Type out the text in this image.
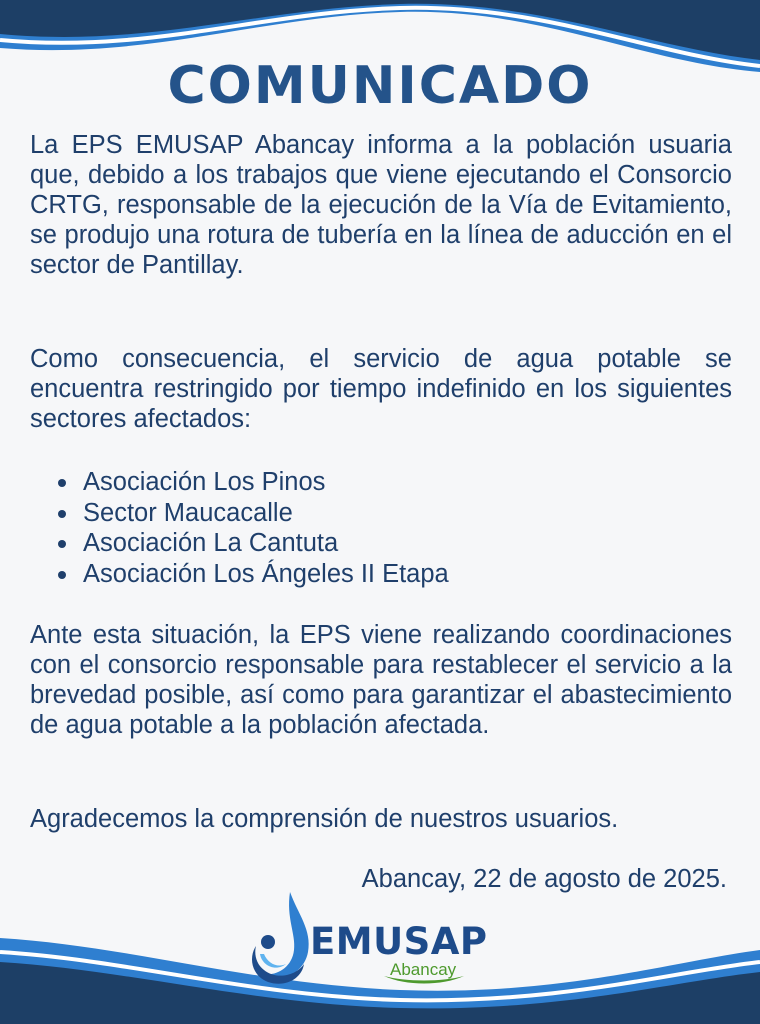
COMUNICADO

La EPS EMUSAP Abancay informa a la población usuaria que, debido a los trabajos que viene ejecutando el Consorcio CRTG, responsable de la ejecución de la Vía de Evitamiento, se produjo una rotura de tubería en la línea de aducción en el sector de Pantillay.

Como consecuencia, el servicio de agua potable se encuentra restringido por tiempo indefinido en los siguientes sectores afectados:

Asociación Los Pinos
Sector Maucacalle
Asociación La Cantuta
Asociación Los Ángeles II Etapa

Ante esta situación, la EPS viene realizando coordinaciones con el consorcio responsable para restablecer el servicio a la brevedad posible, así como para garantizar el abastecimiento de agua potable a la población afectada.

Agradecemos la comprensión de nuestros usuarios.

Abancay, 22 de agosto de 2025.

EMUSAP
Abancay
